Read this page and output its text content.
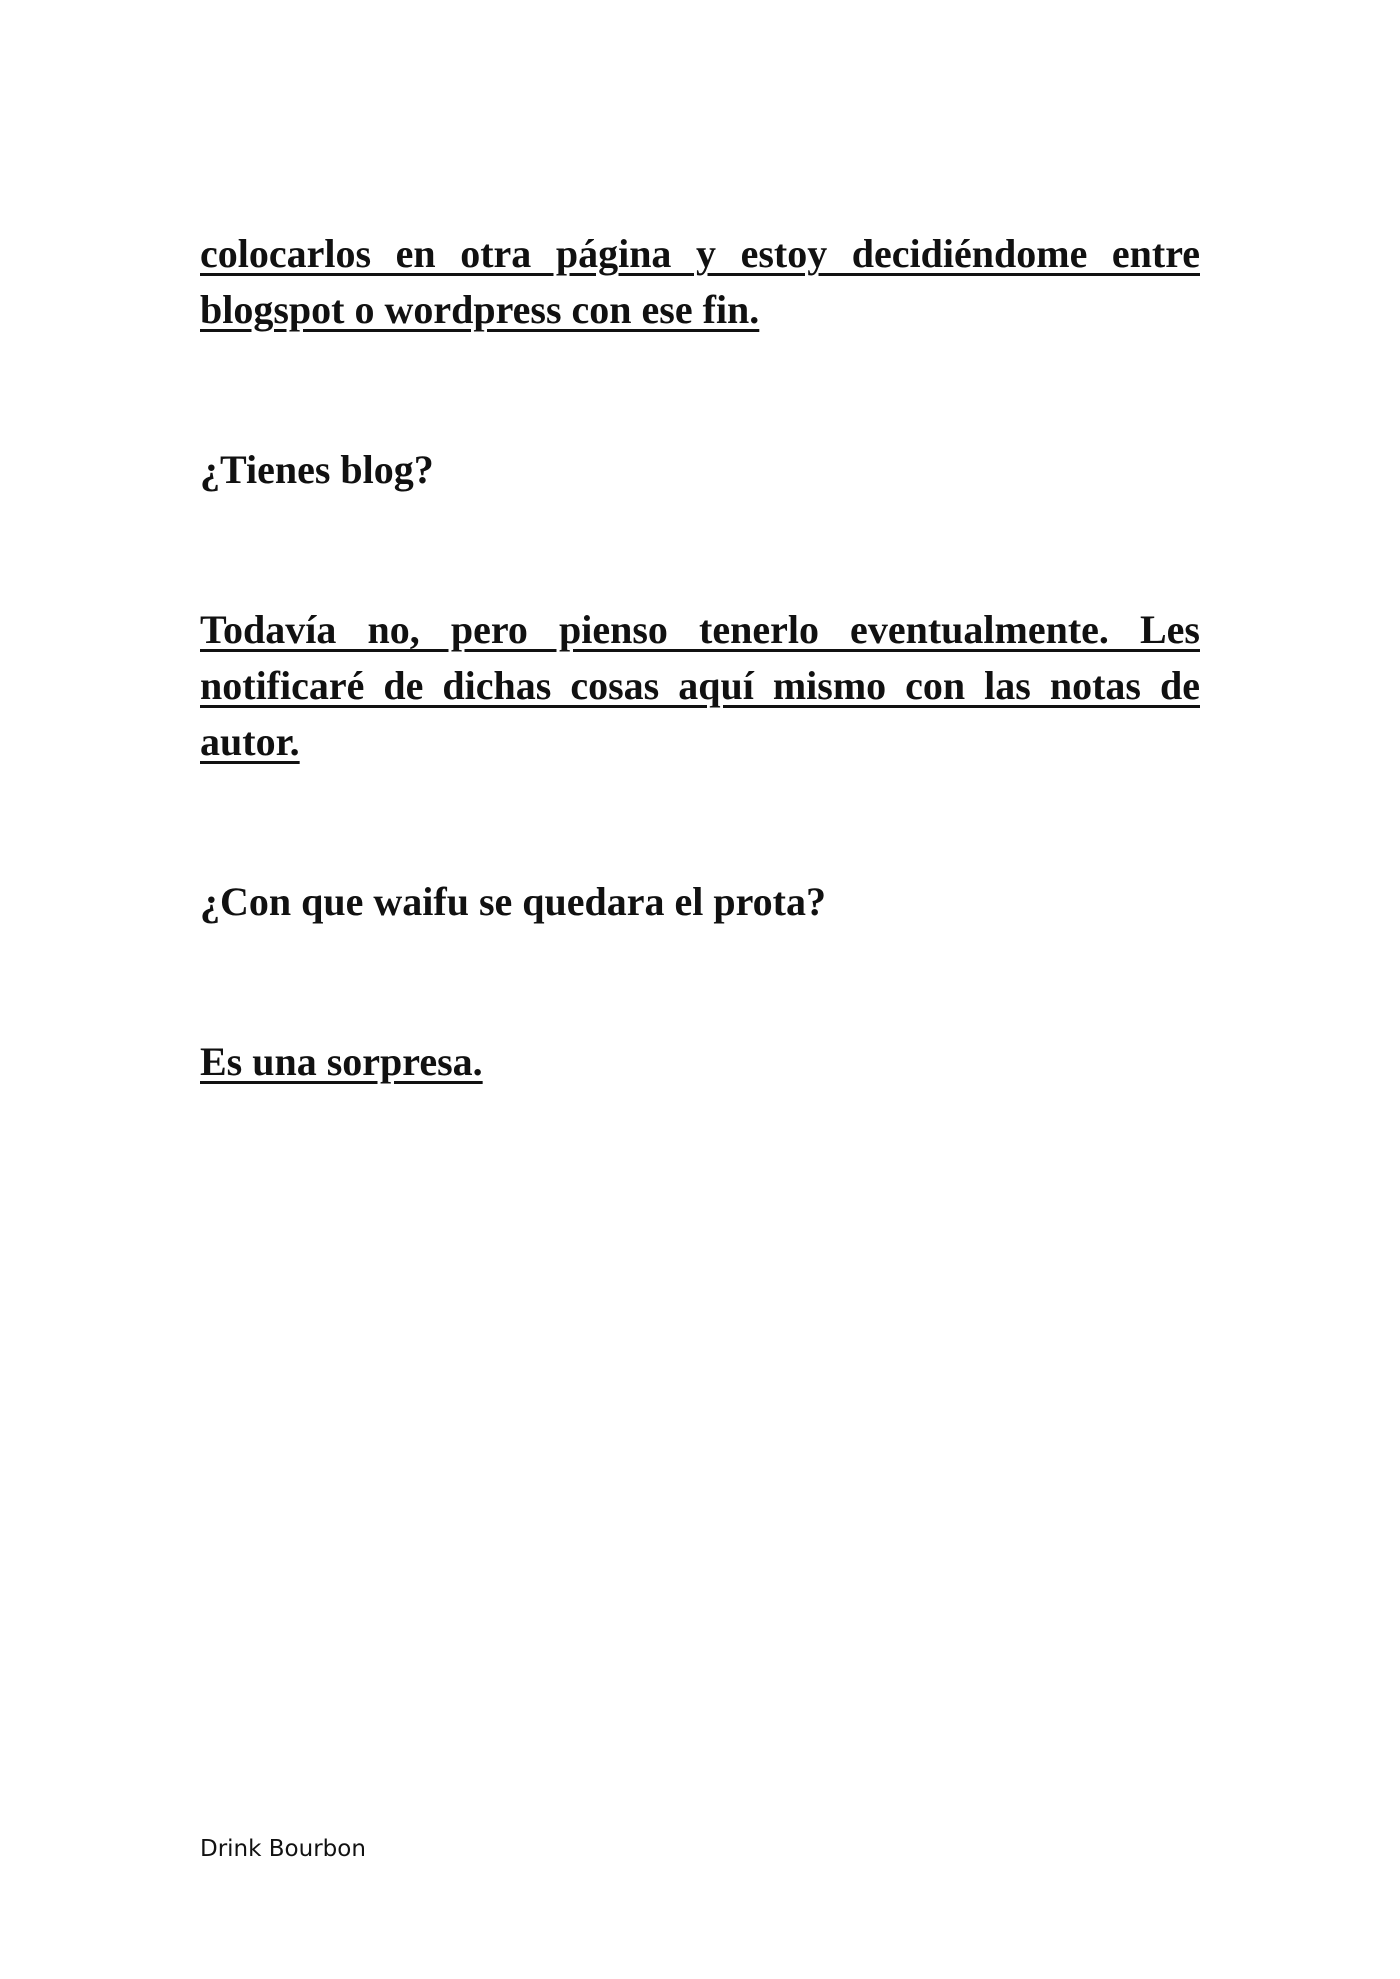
colocarlos en otra página y estoy decidiéndome entre blogspot o wordpress con ese fin.

¿Tienes blog?

Todavía no, pero pienso tenerlo eventualmente. Les notificaré de dichas cosas aquí mismo con las notas de autor.

¿Con que waifu se quedara el prota?

Es una sorpresa.

Drink Bourbon
